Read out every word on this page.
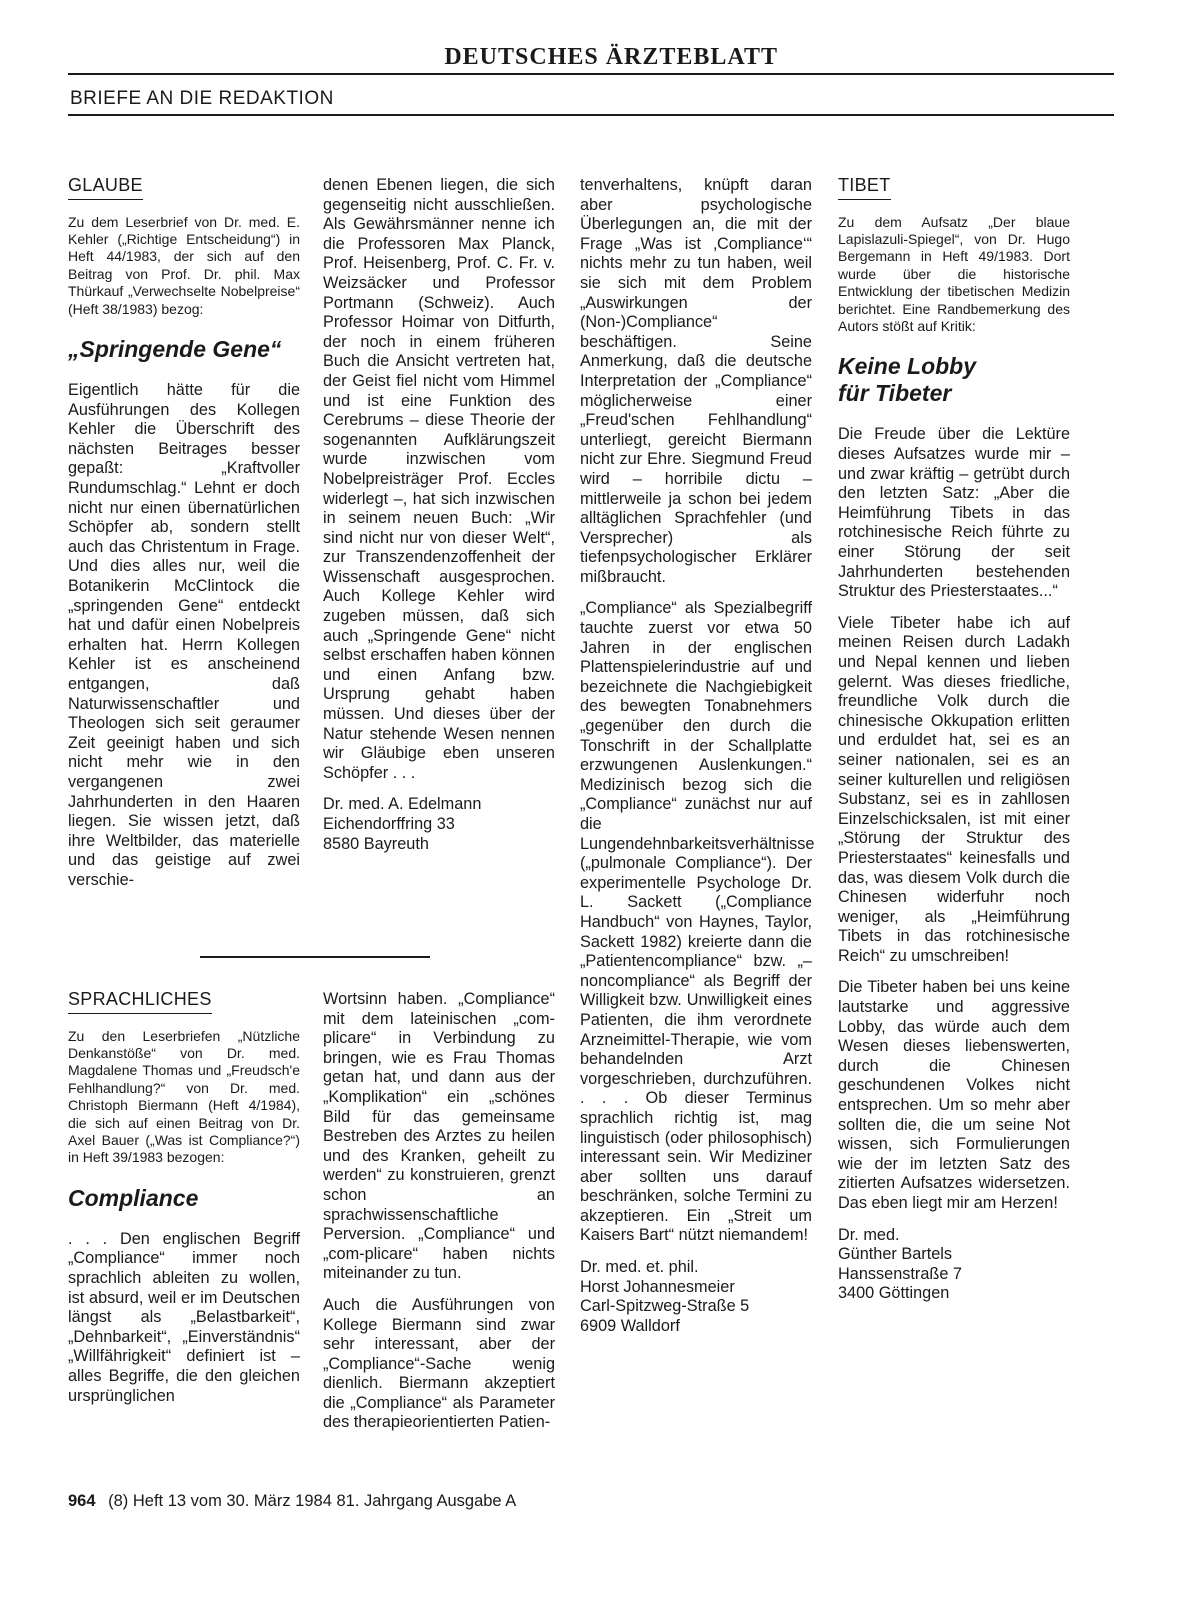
DEUTSCHES ÄRZTEBLATT
BRIEFE AN DIE REDAKTION
GLAUBE
Zu dem Leserbrief von Dr. med. E. Kehler („Richtige Entscheidung“) in Heft 44/1983, der sich auf den Beitrag von Prof. Dr. phil. Max Thürkauf „Verwechselte Nobelpreise“ (Heft 38/1983) bezog:
„Springende Gene“

Eigentlich hätte für die Ausführungen des Kollegen Kehler die Überschrift des nächsten Beitrages besser gepaßt: „Kraftvoller Rundumschlag.“ Lehnt er doch nicht nur einen übernatürlichen Schöpfer ab, sondern stellt auch das Christentum in Frage. Und dies alles nur, weil die Botanikerin McClintock die „springenden Gene“ entdeckt hat und dafür einen Nobelpreis erhalten hat. Herrn Kollegen Kehler ist es anscheinend entgangen, daß Naturwissenschaftler und Theologen sich seit geraumer Zeit geeinigt haben und sich nicht mehr wie in den vergangenen zwei Jahrhunderten in den Haaren liegen. Sie wissen jetzt, daß ihre Weltbilder, das materielle und das geistige auf zwei verschie-

denen Ebenen liegen, die sich gegenseitig nicht ausschließen. Als Gewährsmänner nenne ich die Professoren Max Planck, Prof. Heisenberg, Prof. C. Fr. v. Weizsäcker und Professor Portmann (Schweiz). Auch Professor Hoimar von Ditfurth, der noch in einem früheren Buch die Ansicht vertreten hat, der Geist fiel nicht vom Himmel und ist eine Funktion des Cerebrums – diese Theorie der sogenannten Aufklärungszeit wurde inzwischen vom Nobelpreisträger Prof. Eccles widerlegt –, hat sich inzwischen in seinem neuen Buch: „Wir sind nicht nur von dieser Welt“, zur Transzendenzoffenheit der Wissenschaft ausgesprochen. Auch Kollege Kehler wird zugeben müssen, daß sich auch „Springende Gene“ nicht selbst erschaffen haben können und einen Anfang bzw. Ursprung gehabt haben müssen. Und dieses über der Natur stehende Wesen nennen wir Gläubige eben unseren Schöpfer . . .

Dr. med. A. Edelmann
Eichendorffring 33
8580 Bayreuth
SPRACHLICHES
Zu den Leserbriefen „Nützliche Denkanstöße“ von Dr. med. Magdalene Thomas und „Freudsch'e Fehlhandlung?“ von Dr. med. Christoph Biermann (Heft 4/1984), die sich auf einen Beitrag von Dr. Axel Bauer („Was ist Compliance?“) in Heft 39/1983 bezogen:
Compliance

. . . Den englischen Begriff „Compliance“ immer noch sprachlich ableiten zu wollen, ist absurd, weil er im Deutschen längst als „Belastbarkeit“, „Dehnbarkeit“, „Einverständnis“ „Willfährigkeit“ definiert ist – alles Begriffe, die den gleichen ursprünglichen

Wortsinn haben. „Compliance“ mit dem lateinischen „com-plicare“ in Verbindung zu bringen, wie es Frau Thomas getan hat, und dann aus der „Komplikation“ ein „schönes Bild für das gemeinsame Bestreben des Arztes zu heilen und des Kranken, geheilt zu werden“ zu konstruieren, grenzt schon an sprachwissenschaftliche Perversion. „Compliance“ und „com-plicare“ haben nichts miteinander zu tun.

Auch die Ausführungen von Kollege Biermann sind zwar sehr interessant, aber der „Compliance“-Sache wenig dienlich. Biermann akzeptiert die „Compliance“ als Parameter des therapieorientierten Patien-

tenverhaltens, knüpft daran aber psychologische Überlegungen an, die mit der Frage „Was ist ‚Compliance‘“ nichts mehr zu tun haben, weil sie sich mit dem Problem „Auswirkungen der (Non-)Compliance“ beschäftigen. Seine Anmerkung, daß die deutsche Interpretation der „Compliance“ möglicherweise einer „Freud'schen Fehlhandlung“ unterliegt, gereicht Biermann nicht zur Ehre. Siegmund Freud wird – horribile dictu – mittlerweile ja schon bei jedem alltäglichen Sprachfehler (und Versprecher) als tiefenpsychologischer Erklärer mißbraucht.

„Compliance“ als Spezialbegriff tauchte zuerst vor etwa 50 Jahren in der englischen Plattenspielerindustrie auf und bezeichnete die Nachgiebigkeit des bewegten Tonabnehmers „gegenüber den durch die Tonschrift in der Schallplatte erzwungenen Auslenkungen.“ Medizinisch bezog sich die „Compliance“ zunächst nur auf die Lungendehnbarkeitsverhältnisse („pulmonale Compliance“). Der experimentelle Psychologe Dr. L. Sackett („Compliance Handbuch“ von Haynes, Taylor, Sackett 1982) kreierte dann die „Patientencompliance“ bzw. „– noncompliance“ als Begriff der Willigkeit bzw. Unwilligkeit eines Patienten, die ihm verordnete Arzneimittel-Therapie, wie vom behandelnden Arzt vorgeschrieben, durchzuführen. . . . Ob dieser Terminus sprachlich richtig ist, mag linguistisch (oder philosophisch) interessant sein. Wir Mediziner aber sollten uns darauf beschränken, solche Termini zu akzeptieren. Ein „Streit um Kaisers Bart“ nützt niemandem!

Dr. med. et. phil.
Horst Johannesmeier
Carl-Spitzweg-Straße 5
6909 Walldorf
TIBET
Zu dem Aufsatz „Der blaue Lapislazuli-Spiegel“, von Dr. Hugo Bergemann in Heft 49/1983. Dort wurde über die historische Entwicklung der tibetischen Medizin berichtet. Eine Randbemerkung des Autors stößt auf Kritik:
Keine Lobby
für Tibeter

Die Freude über die Lektüre dieses Aufsatzes wurde mir – und zwar kräftig – getrübt durch den letzten Satz: „Aber die Heimführung Tibets in das rotchinesische Reich führte zu einer Störung der seit Jahrhunderten bestehenden Struktur des Priesterstaates...“

Viele Tibeter habe ich auf meinen Reisen durch Ladakh und Nepal kennen und lieben gelernt. Was dieses friedliche, freundliche Volk durch die chinesische Okkupation erlitten und erduldet hat, sei es an seiner nationalen, sei es an seiner kulturellen und religiösen Substanz, sei es in zahllosen Einzelschicksalen, ist mit einer „Störung der Struktur des Priesterstaates“ keinesfalls und das, was diesem Volk durch die Chinesen widerfuhr noch weniger, als „Heimführung Tibets in das rotchinesische Reich“ zu umschreiben!

Die Tibeter haben bei uns keine lautstarke und aggressive Lobby, das würde auch dem Wesen dieses liebenswerten, durch die Chinesen geschundenen Volkes nicht entsprechen. Um so mehr aber sollten die, die um seine Not wissen, sich Formulierungen wie der im letzten Satz des zitierten Aufsatzes widersetzen. Das eben liegt mir am Herzen!

Dr. med.
Günther Bartels
Hanssenstraße 7
3400 Göttingen
964 (8) Heft 13 vom 30. März 1984 81. Jahrgang Ausgabe A
